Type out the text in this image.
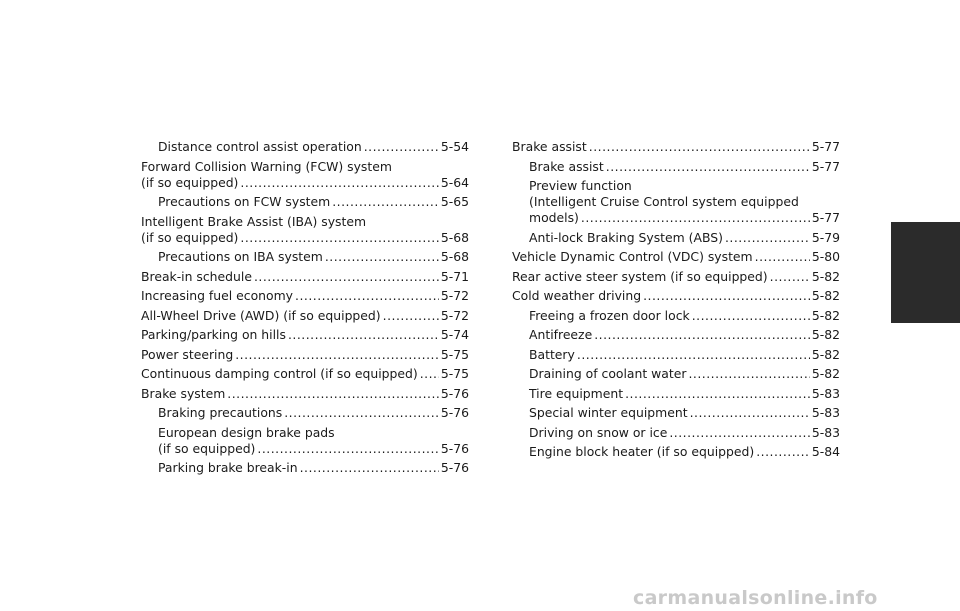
Distance control assist operation .....	5-54
Forward Collision Warning (FCW) system
(if so equipped) .....	5-64
Precautions on FCW system .....	5-65
Intelligent Brake Assist (IBA) system
(if so equipped) .....	5-68
Precautions on IBA system .....	5-68
Break-in schedule .....	5-71
Increasing fuel economy .....	5-72
All-Wheel Drive (AWD) (if so equipped) .....	5-72
Parking/parking on hills .....	5-74
Power steering .....	5-75
Continuous damping control (if so equipped) ..... 5-75
Brake system .....	5-76
Braking precautions .....	5-76
European design brake pads
(if so equipped) .....	5-76
Parking brake break-in .....	5-76
Brake assist .....	5-77
Brake assist .....	5-77
Preview function
(Intelligent Cruise Control system equipped
models) .....	5-77
Anti-lock Braking System (ABS) .....	5-79
Vehicle Dynamic Control (VDC) system .....	5-80
Rear active steer system (if so equipped) .....	5-82
Cold weather driving .....	5-82
Freeing a frozen door lock .....	5-82
Antifreeze .....	5-82
Battery .....	5-82
Draining of coolant water .....	5-82
Tire equipment .....	5-83
Special winter equipment .....	5-83
Driving on snow or ice .....	5-83
Engine block heater (if so equipped) .....	5-84
carmanualsonline.info
